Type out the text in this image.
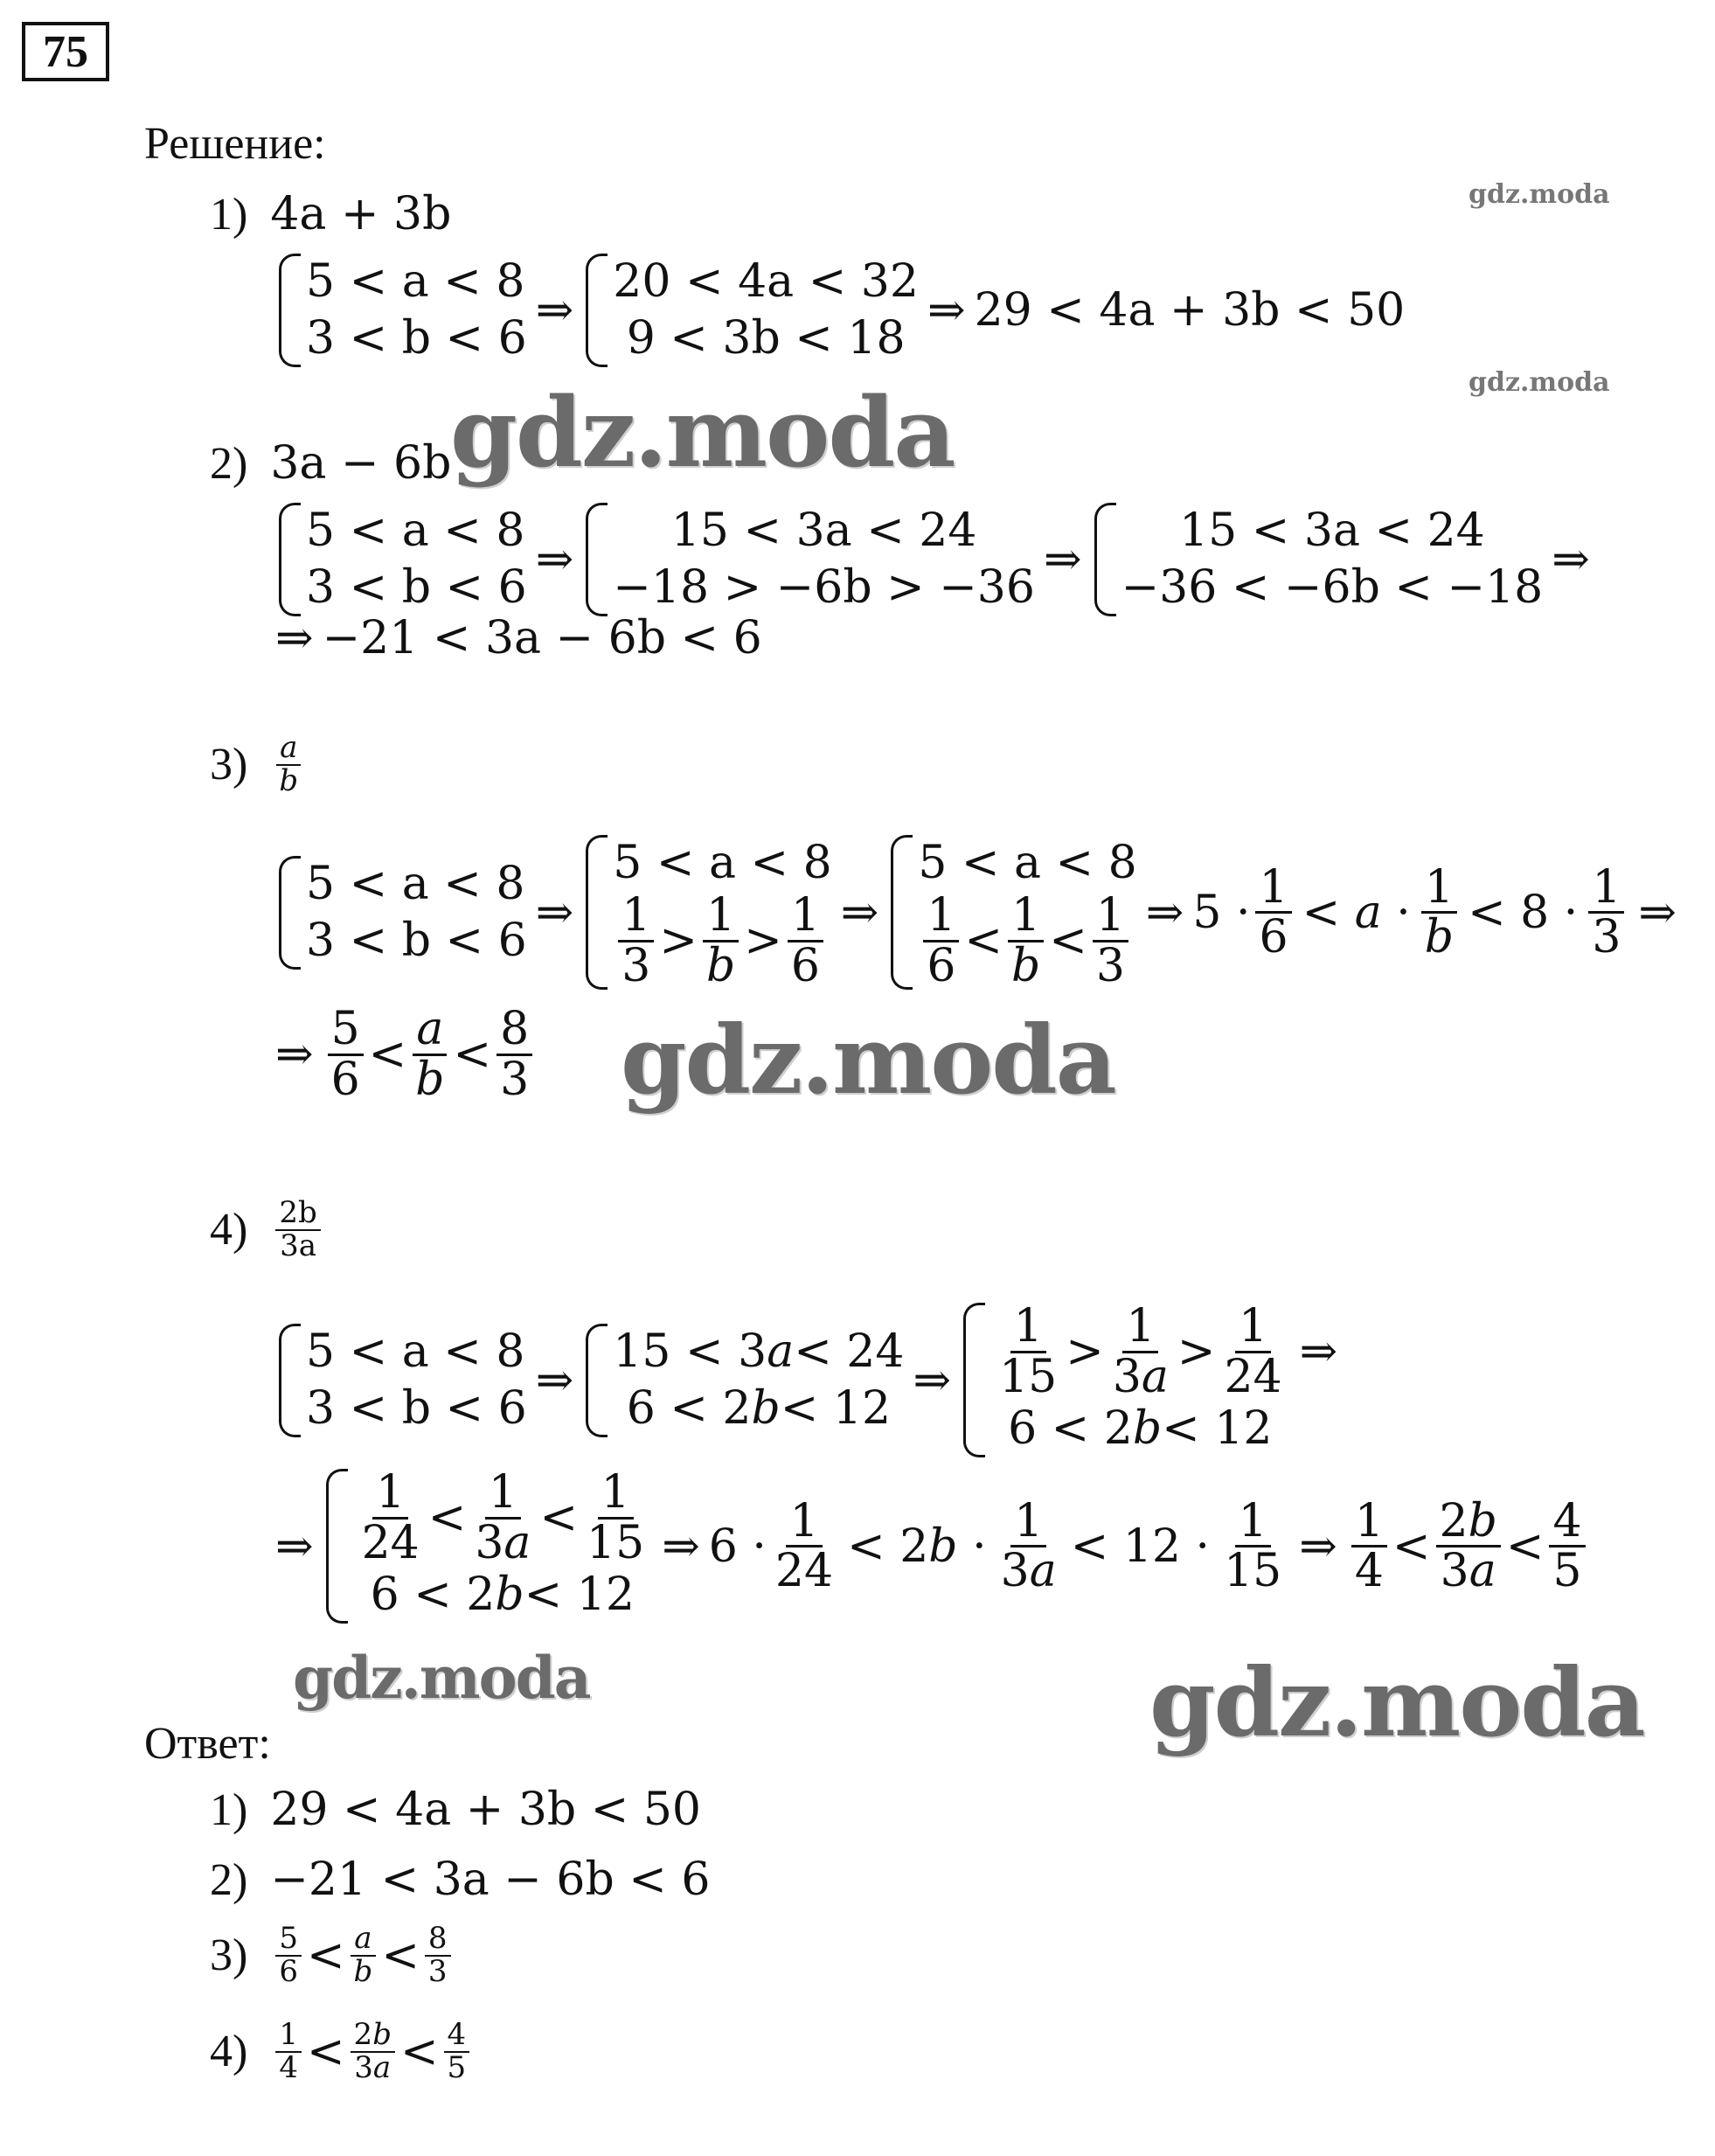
75
Решение:
gdz.moda
gdz.moda
gdz.moda
gdz.moda
gdz.moda	gdz.moda
1) 4a + 3b
5 < a < 8
3 < b < 6
⇒
20 < 4a < 32
9 < 3b < 18
⇒ 29 < 4a + 3b < 50
2) 3a − 6b
5 < a < 8
3 < b < 6
⇒
15 < 3a < 24
−18 > −6b > −36
⇒
15 < 3a < 24
−36 < −6b < −18
⇒
⇒ −21 < 3a − 6b < 6
$3) \frac{a}{b}$
5 < a < 8
3 < b < 6
⇒
5 < a < 8
$\frac{1}{3} > \frac{1}{b} > \frac{1}{6}$ ⇒
5 < a < 8
$\frac{1}{6} < \frac{1}{b} < \frac{1}{3}$ ⇒ $5 \cdot \frac{1}{6} < a \cdot \frac{1}{b} < 8 \cdot \frac{1}{3}$ ⇒
⇒ $\frac{5}{6} < \frac{a}{b} < \frac{8}{3}$
$4) \frac{2b}{3a}$
5 < a < 8
3 < b < 6
⇒
15 < 3 a < 24
6 < 2 b < 12
⇒ $\frac{1}{15} > \frac{1}{3a} > \frac{1}{24}$ ⇒
6 < 2 b < 12
⇒ $\frac{1}{24} < \frac{1}{3a} < \frac{1}{15}$
6 < 2 b < 12
⇒ $6 \cdot \frac{1}{24} < 2b \cdot \frac{1}{3a} < 12 \cdot \frac{1}{15}$ ⇒ $\frac{1}{4} < \frac{2b}{3a} < \frac{4}{5}$
Ответ:
1) 29 < 4a + 3b < 50
2) −21 < 3a − 6b < 6
$3) \frac{5}{6} < \frac{a}{b} < \frac{8}{3}$
$4) \frac{1}{4} < \frac{2b}{3a} < \frac{4}{5}$
